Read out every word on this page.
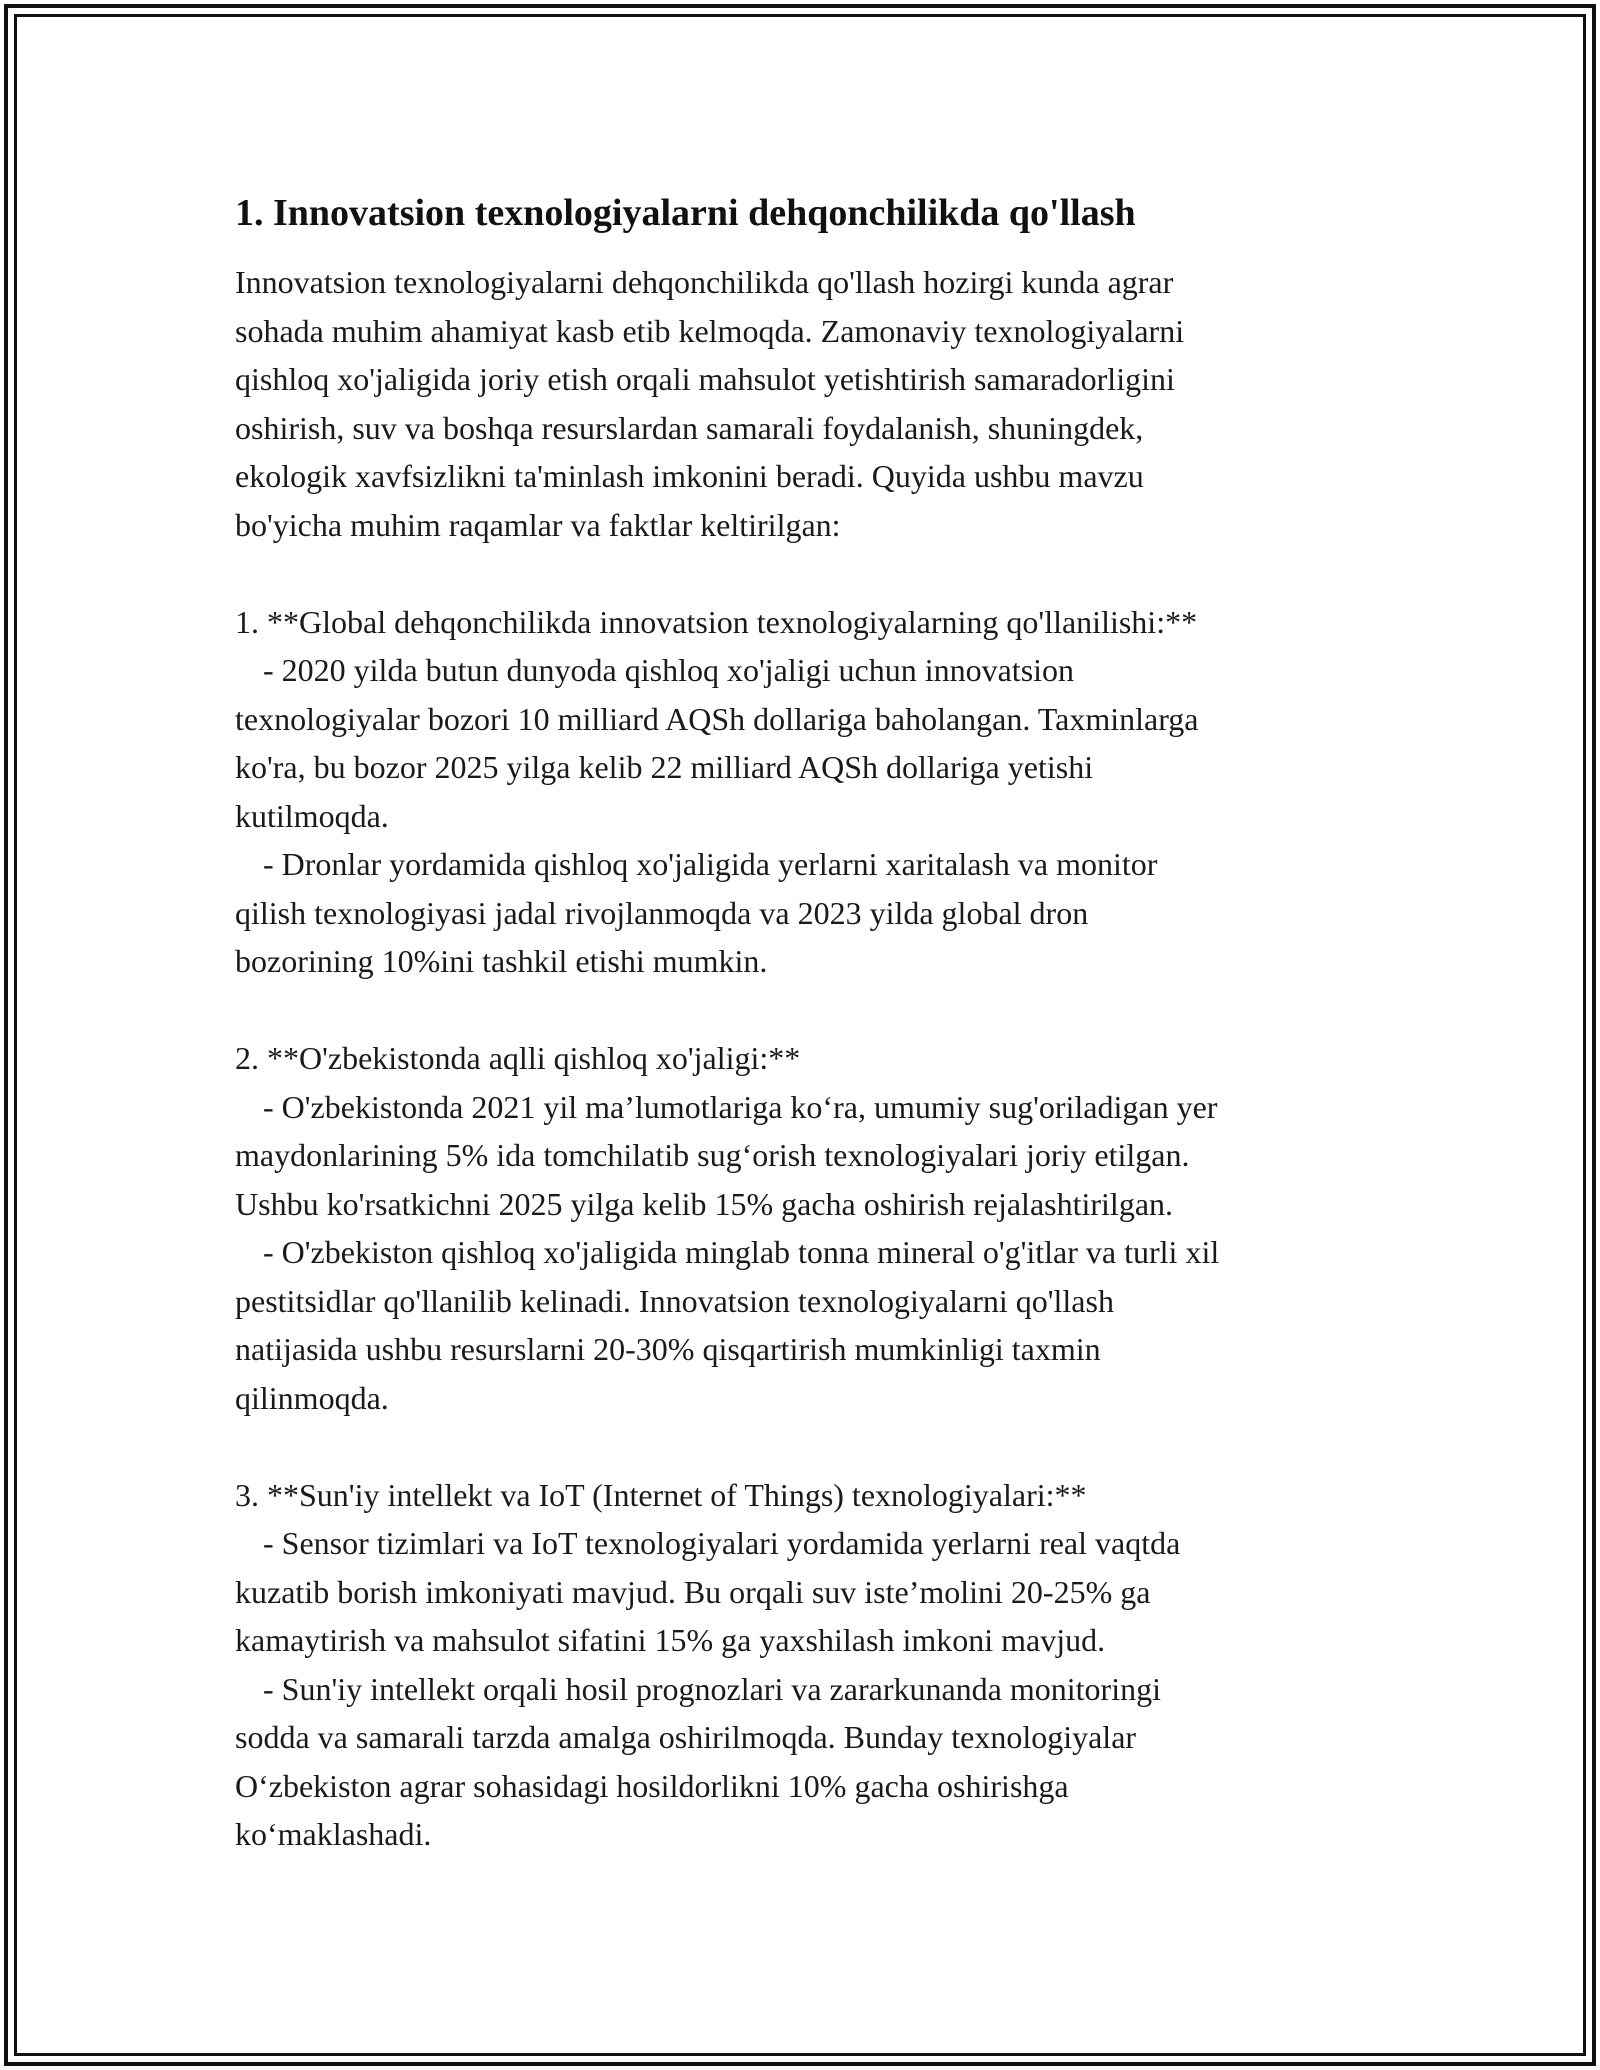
1. Innovatsion texnologiyalarni dehqonchilikda qo'llash

Innovatsion texnologiyalarni dehqonchilikda qo'llash hozirgi kunda agrar
sohada muhim ahamiyat kasb etib kelmoqda. Zamonaviy texnologiyalarni
qishloq xo'jaligida joriy etish orqali mahsulot yetishtirish samaradorligini
oshirish, suv va boshqa resurslardan samarali foydalanish, shuningdek,
ekologik xavfsizlikni ta'minlash imkonini beradi. Quyida ushbu mavzu
bo'yicha muhim raqamlar va faktlar keltirilgan:

1. **Global dehqonchilikda innovatsion texnologiyalarning qo'llanilishi:**

- 2020 yilda butun dunyoda qishloq xo'jaligi uchun innovatsion
texnologiyalar bozori 10 milliard AQSh dollariga baholangan. Taxminlarga
ko'ra, bu bozor 2025 yilga kelib 22 milliard AQSh dollariga yetishi
kutilmoqda.

- Dronlar yordamida qishloq xo'jaligida yerlarni xaritalash va monitor
qilish texnologiyasi jadal rivojlanmoqda va 2023 yilda global dron
bozorining 10%ini tashkil etishi mumkin.

2. **O'zbekistonda aqlli qishloq xo'jaligi:**

- O'zbekistonda 2021 yil ma’lumotlariga ko‘ra, umumiy sug'oriladigan yer
maydonlarining 5% ida tomchilatib sug‘orish texnologiyalari joriy etilgan.
Ushbu ko'rsatkichni 2025 yilga kelib 15% gacha oshirish rejalashtirilgan.

- O'zbekiston qishloq xo'jaligida minglab tonna mineral o'g'itlar va turli xil
pestitsidlar qo'llanilib kelinadi. Innovatsion texnologiyalarni qo'llash
natijasida ushbu resurslarni 20-30% qisqartirish mumkinligi taxmin
qilinmoqda.

3. **Sun'iy intellekt va IoT (Internet of Things) texnologiyalari:**

- Sensor tizimlari va IoT texnologiyalari yordamida yerlarni real vaqtda
kuzatib borish imkoniyati mavjud. Bu orqali suv iste’molini 20-25% ga
kamaytirish va mahsulot sifatini 15% ga yaxshilash imkoni mavjud.

- Sun'iy intellekt orqali hosil prognozlari va zararkunanda monitoringi
sodda va samarali tarzda amalga oshirilmoqda. Bunday texnologiyalar
O‘zbekiston agrar sohasidagi hosildorlikni 10% gacha oshirishga
ko‘maklashadi.
